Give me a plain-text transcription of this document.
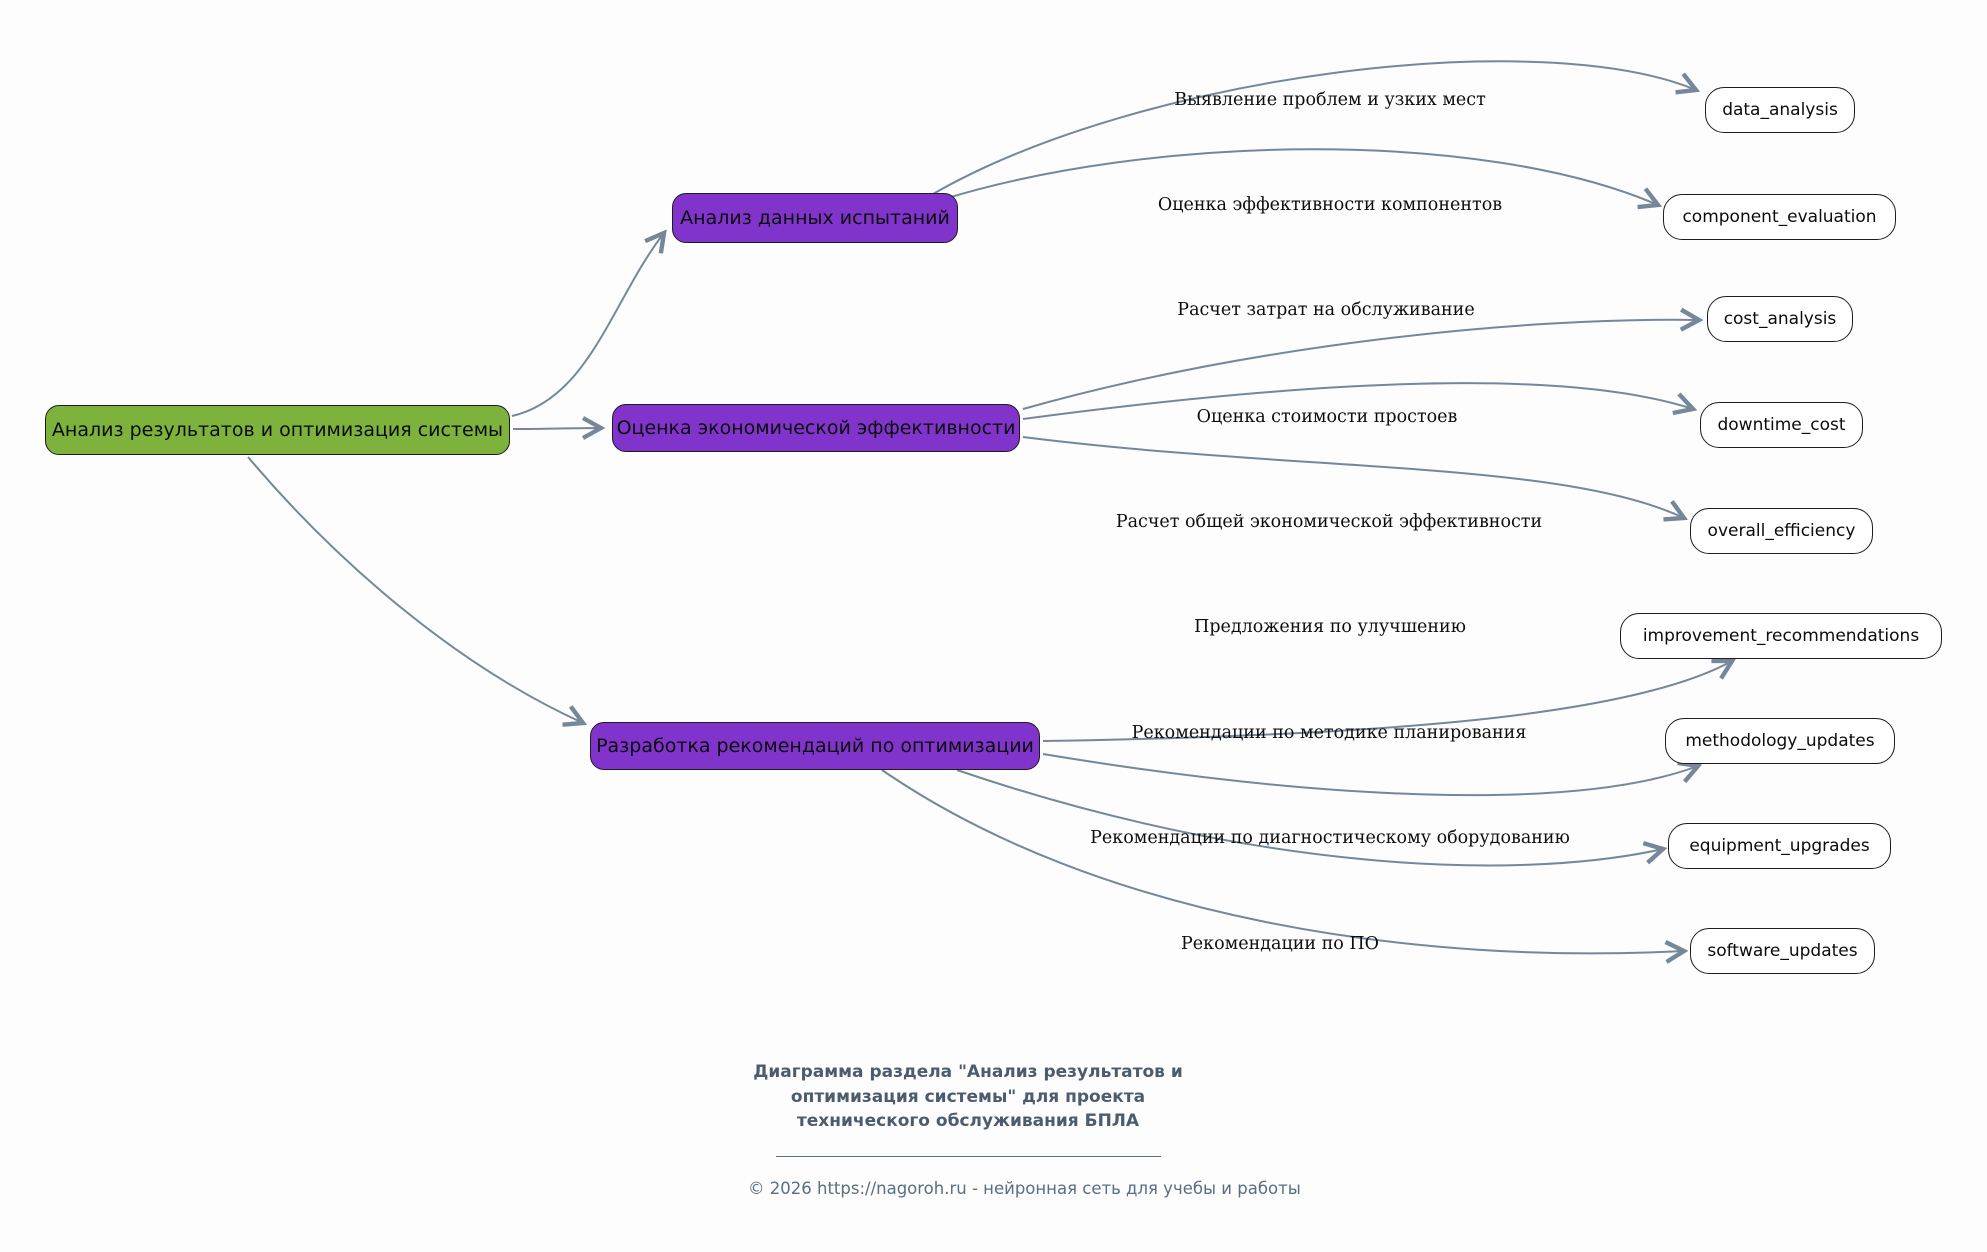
Анализ результатов и оптимизация системы
Анализ данных испытаний
Оценка экономической эффективности
Разработка рекомендаций по оптимизации
data_analysis
component_evaluation
cost_analysis
downtime_cost
overall_efficiency
improvement_recommendations
methodology_updates
equipment_upgrades
software_updates
Выявление проблем и узких мест
Оценка эффективности компонентов
Расчет затрат на обслуживание
Оценка стоимости простоев
Расчет общей экономической эффективности
Предложения по улучшению
Рекомендации по методике планирования
Рекомендации по диагностическому оборудованию
Рекомендации по ПО
Диаграмма раздела "Анализ результатов и оптимизация системы" для проекта технического обслуживания БПЛА
© 2026 https://nagoroh.ru - нейронная сеть для учебы и работы
